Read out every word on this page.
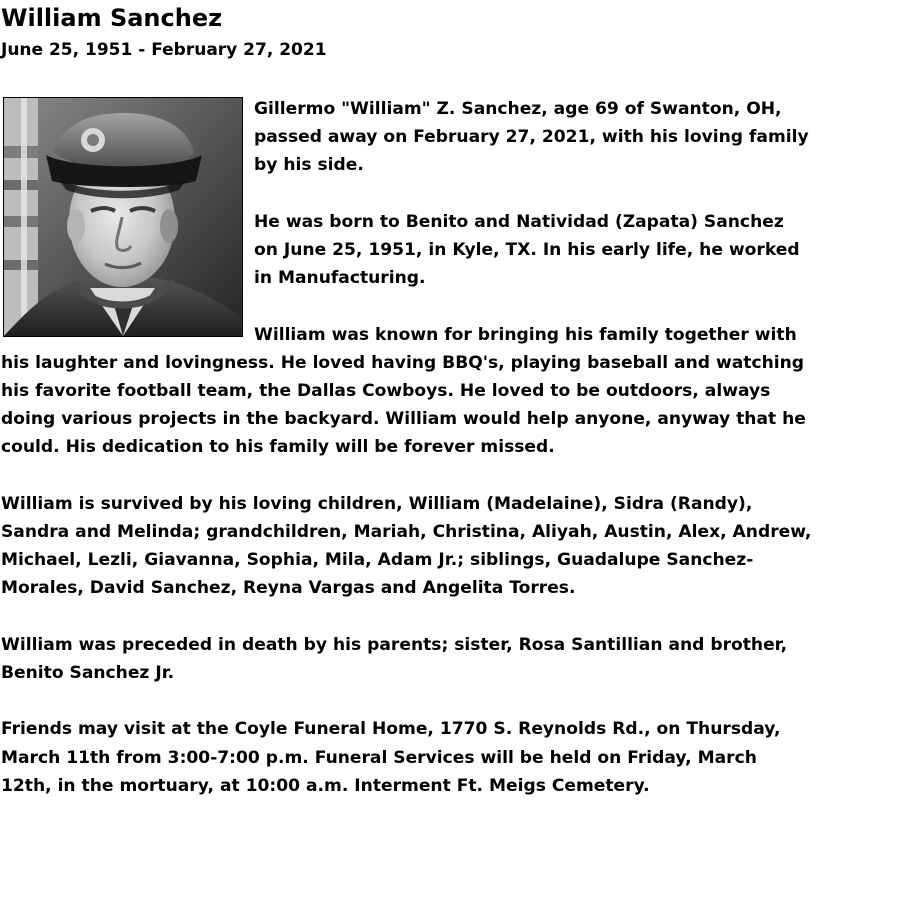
William Sanchez
June 25, 1951 - February 27, 2021

Gillermo "William" Z. Sanchez, age 69 of Swanton, OH, passed away on February 27, 2021, with his loving family by his side.

He was born to Benito and Natividad (Zapata) Sanchez on June 25, 1951, in Kyle, TX. In his early life, he worked in Manufacturing.

William was known for bringing his family together with his laughter and lovingness. He loved having BBQ's, playing baseball and watching his favorite football team, the Dallas Cowboys. He loved to be outdoors, always doing various projects in the backyard. William would help anyone, anyway that he could. His dedication to his family will be forever missed.

William is survived by his loving children, William (Madelaine), Sidra (Randy), Sandra and Melinda; grandchildren, Mariah, Christina, Aliyah, Austin, Alex, Andrew, Michael, Lezli, Giavanna, Sophia, Mila, Adam Jr.; siblings, Guadalupe Sanchez-Morales, David Sanchez, Reyna Vargas and Angelita Torres.

William was preceded in death by his parents; sister, Rosa Santillian and brother, Benito Sanchez Jr.

Friends may visit at the Coyle Funeral Home, 1770 S. Reynolds Rd., on Thursday, March 11th from 3:00-7:00 p.m. Funeral Services will be held on Friday, March 12th, in the mortuary, at 10:00 a.m. Interment Ft. Meigs Cemetery.
